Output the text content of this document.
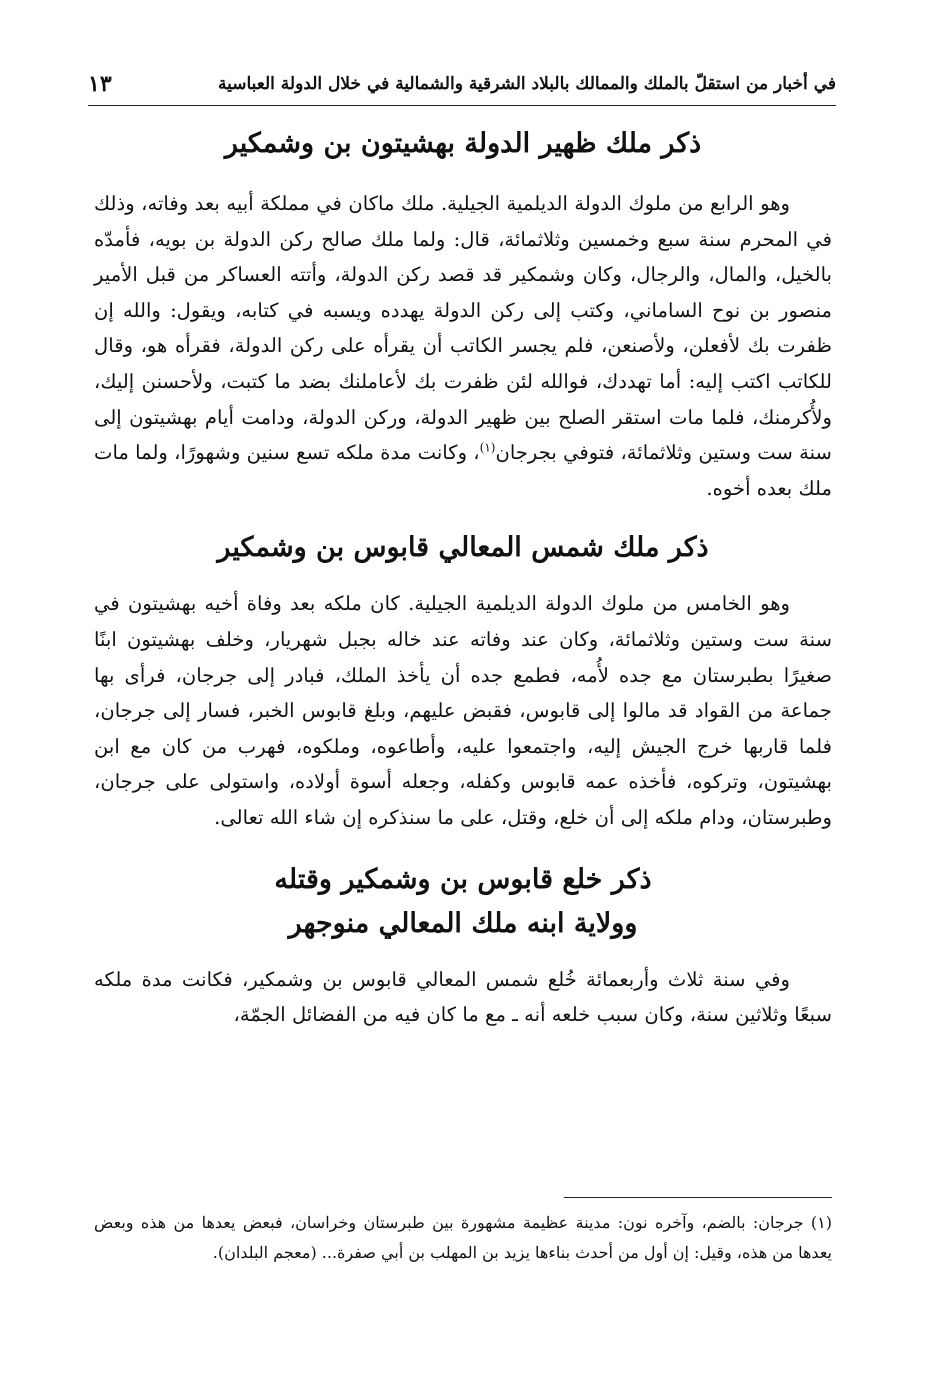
في أخبار من استقلّ بالملك والممالك بالبلاد الشرقية والشمالية في خلال الدولة العباسية
١٣
ذكر ملك ظهير الدولة بهشيتون بن وشمكير

وهو الرابع من ملوك الدولة الديلمية الجيلية. ملك ماكان في مملكة أبيه بعد وفاته، وذلك في المحرم سنة سبع وخمسين وثلاثمائة، قال: ولما ملك صالح ركن الدولة بن بويه، فأمدّه بالخيل، والمال، والرجال، وكان وشمكير قد قصد ركن الدولة، وأتته العساكر من قبل الأمير منصور بن نوح الساماني، وكتب إلى ركن الدولة يهدده ويسبه في كتابه، ويقول: والله إن ظفرت بك لأفعلن، ولأصنعن، فلم يجسر الكاتب أن يقرأه على ركن الدولة، فقرأه هو، وقال للكاتب اكتب إليه: أما تهددك، فوالله لئن ظفرت بك لأعاملنك بضد ما كتبت، ولأحسنن إليك، ولأُكرمنك، فلما مات استقر الصلح بين ظهير الدولة، وركن الدولة، ودامت أيام بهشيتون إلى سنة ست وستين وثلاثمائة، فتوفي بجرجان$^{(١)}$، وكانت مدة ملكه تسع سنين وشهورًا، ولما مات ملك بعده أخوه.

ذكر ملك شمس المعالي قابوس بن وشمكير

وهو الخامس من ملوك الدولة الديلمية الجيلية. كان ملكه بعد وفاة أخيه بهشيتون في سنة ست وستين وثلاثمائة، وكان عند وفاته عند خاله بجبل شهريار، وخلف بهشيتون ابنًا صغيرًا بطبرستان مع جده لأُمه، فطمع جده أن يأخذ الملك، فبادر إلى جرجان، فرأى بها جماعة من القواد قد مالوا إلى قابوس، فقبض عليهم، وبلغ قابوس الخبر، فسار إلى جرجان، فلما قاربها خرج الجيش إليه، واجتمعوا عليه، وأطاعوه، وملكوه، فهرب من كان مع ابن بهشيتون، وتركوه، فأخذه عمه قابوس وكفله، وجعله أسوة أولاده، واستولى على جرجان، وطبرستان، ودام ملكه إلى أن خلع، وقتل، على ما سنذكره إن شاء الله تعالى.

ذكر خلع قابوس بن وشمكير وقتله
وولاية ابنه ملك المعالي منوجهر

وفي سنة ثلاث وأربعمائة خُلع شمس المعالي قابوس بن وشمكير، فكانت مدة ملكه سبعًا وثلاثين سنة، وكان سبب خلعه أنه ـ مع ما كان فيه من الفضائل الجمّة،

(١) جرجان: بالضم، وآخره نون: مدينة عظيمة مشهورة بين طبرستان وخراسان، فبعض يعدها من هذه وبعض يعدها من هذه، وقيل: إن أول من أحدث بناءها يزيد بن المهلب بن أبي صفرة... (معجم البلدان).
